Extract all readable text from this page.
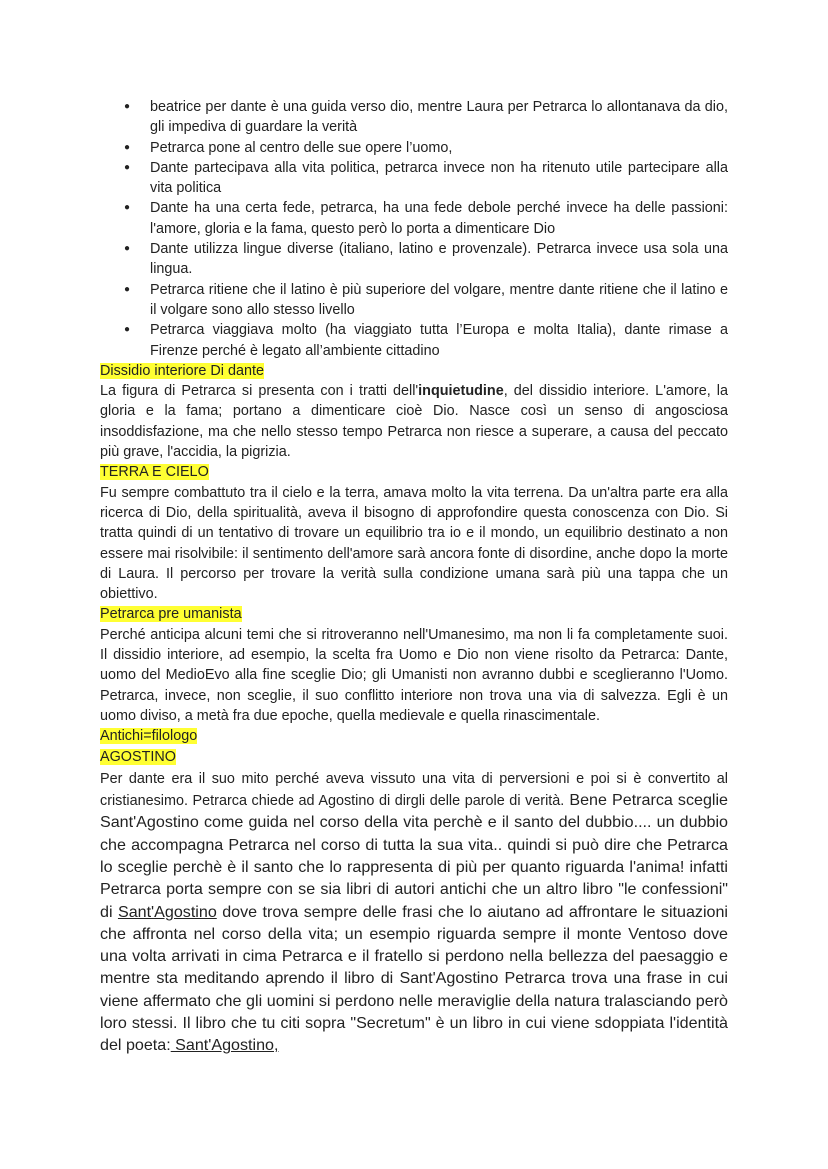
● beatrice per dante è una guida verso dio, mentre Laura per Petrarca lo allontanava da dio, gli impediva di guardare la verità
● Petrarca pone al centro delle sue opere l’uomo,
● Dante partecipava alla vita politica, petrarca invece non ha ritenuto utile partecipare alla vita politica
● Dante ha una certa fede, petrarca, ha una fede debole perché invece ha delle passioni: l'amore, gloria e la fama, questo però lo porta a dimenticare Dio
● Dante utilizza lingue diverse (italiano, latino e provenzale). Petrarca invece usa sola una lingua.
● Petrarca ritiene che il latino è più superiore del volgare, mentre dante ritiene che il latino e il volgare sono allo stesso livello
● Petrarca viaggiava molto (ha viaggiato tutta l’Europa e molta Italia), dante rimase a Firenze perché è legato all’ambiente cittadino
Dissidio interiore Di dante

La figura di Petrarca si presenta con i tratti dell'inquietudine, del dissidio interiore. L'amore, la gloria e la fama; portano a dimenticare cioè Dio. Nasce così un senso di angosciosa insoddisfazione, ma che nello stesso tempo Petrarca non riesce a superare, a causa del peccato più grave, l'accidia, la pigrizia.

TERRA E CIELO

Fu sempre combattuto tra il cielo e la terra, amava molto la vita terrena. Da un'altra parte era alla ricerca di Dio, della spiritualità, aveva il bisogno di approfondire questa conoscenza con Dio. Si tratta quindi di un tentativo di trovare un equilibrio tra io e il mondo, un equilibrio destinato a non essere mai risolvibile: il sentimento dell'amore sarà ancora fonte di disordine, anche dopo la morte di Laura. Il percorso per trovare la verità sulla condizione umana sarà più una tappa che un obiettivo.

Petrarca pre umanista

Perché anticipa alcuni temi che si ritroveranno nell'Umanesimo, ma non li fa completamente suoi. Il dissidio interiore, ad esempio, la scelta fra Uomo e Dio non viene risolto da Petrarca: Dante, uomo del MedioEvo alla fine sceglie Dio; gli Umanisti non avranno dubbi e sceglieranno l'Uomo. Petrarca, invece, non sceglie, il suo conflitto interiore non trova una via di salvezza. Egli è un uomo diviso, a metà fra due epoche, quella medievale e quella rinascimentale.

Antichi=filologo
AGOSTINO

Per dante era il suo mito perché aveva vissuto una vita di perversioni e poi si è convertito al cristianesimo. Petrarca chiede ad Agostino di dirgli delle parole di verità. Bene Petrarca sceglie Sant'Agostino come guida nel corso della vita perchè e il santo del dubbio.... un dubbio che accompagna Petrarca nel corso di tutta la sua vita.. quindi si può dire che Petrarca lo sceglie perchè è il santo che lo rappresenta di più per quanto riguarda l'anima! infatti Petrarca porta sempre con se sia libri di autori antichi che un altro libro "le confessioni" di Sant'Agostino dove trova sempre delle frasi che lo aiutano ad affrontare le situazioni che affronta nel corso della vita; un esempio riguarda sempre il monte Ventoso dove una volta arrivati in cima Petrarca e il fratello si perdono nella bellezza del paesaggio e mentre sta meditando aprendo il libro di Sant'Agostino Petrarca trova una frase in cui viene affermato che gli uomini si perdono nelle meraviglie della natura tralasciando però loro stessi. Il libro che tu citi sopra "Secretum" è un libro in cui viene sdoppiata l'identità del poeta: Sant'Agostino,
